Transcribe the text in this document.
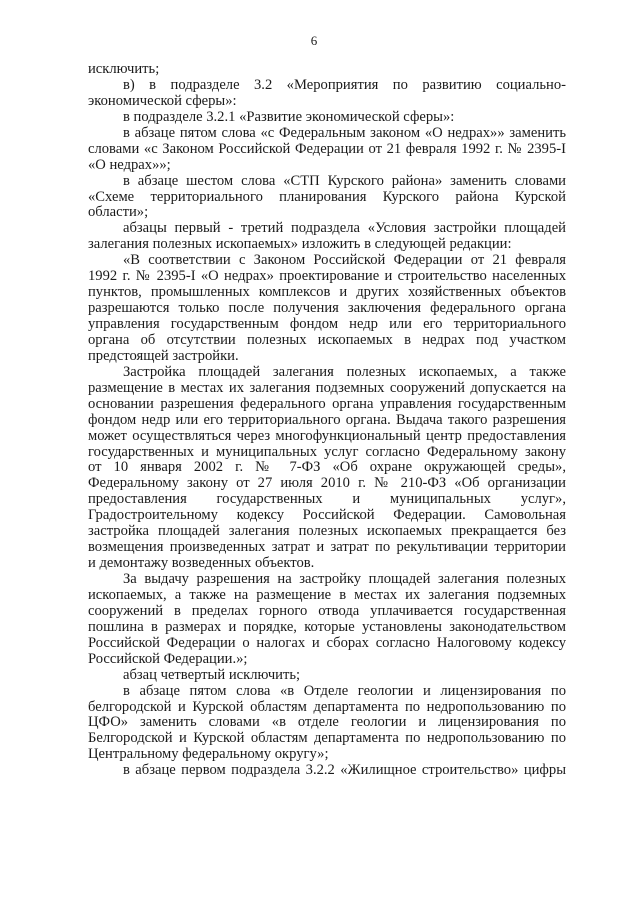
6
исключить;
в) в подразделе 3.2 «Мероприятия по развитию социально-
экономической сферы»:
в подразделе 3.2.1 «Развитие экономической сферы»:
в абзаце пятом слова «с Федеральным законом «О недрах»» заменить
словами «с Законом Российской Федерации от 21 февраля 1992 г. № 2395-I
«О недрах»»;
в абзаце шестом слова «СТП Курского района» заменить словами
«Схеме территориального планирования Курского района Курской
области»;
абзацы первый - третий подраздела «Условия застройки площадей
залегания полезных ископаемых» изложить в следующей редакции:
«В соответствии с Законом Российской Федерации от 21 февраля
1992 г. № 2395-I «О недрах» проектирование и строительство населенных
пунктов, промышленных комплексов и других хозяйственных объектов
разрешаются только после получения заключения федерального органа
управления государственным фондом недр или его территориального
органа об отсутствии полезных ископаемых в недрах под участком
предстоящей застройки.
Застройка площадей залегания полезных ископаемых, а также
размещение в местах их залегания подземных сооружений допускается на
основании разрешения федерального органа управления государственным
фондом недр или его территориального органа. Выдача такого разрешения
может осуществляться через многофункциональный центр предоставления
государственных и муниципальных услуг согласно Федеральному закону
от 10 января 2002 г. № 7-ФЗ «Об охране окружающей среды»,
Федеральному закону от 27 июля 2010 г. № 210-ФЗ «Об организации
предоставления государственных и муниципальных услуг»,
Градостроительному кодексу Российской Федерации. Самовольная
застройка площадей залегания полезных ископаемых прекращается без
возмещения произведенных затрат и затрат по рекультивации территории
и демонтажу возведенных объектов.
За выдачу разрешения на застройку площадей залегания полезных
ископаемых, а также на размещение в местах их залегания подземных
сооружений в пределах горного отвода уплачивается государственная
пошлина в размерах и порядке, которые установлены законодательством
Российской Федерации о налогах и сборах согласно Налоговому кодексу
Российской Федерации.»;
абзац четвертый исключить;
в абзаце пятом слова «в Отделе геологии и лицензирования по
белгородской и Курской областям департамента по недропользованию по
ЦФО» заменить словами «в отделе геологии и лицензирования по
Белгородской и Курской областям департамента по недропользованию по
Центральному федеральному округу»;
в абзаце первом подраздела 3.2.2 «Жилищное строительство» цифры
